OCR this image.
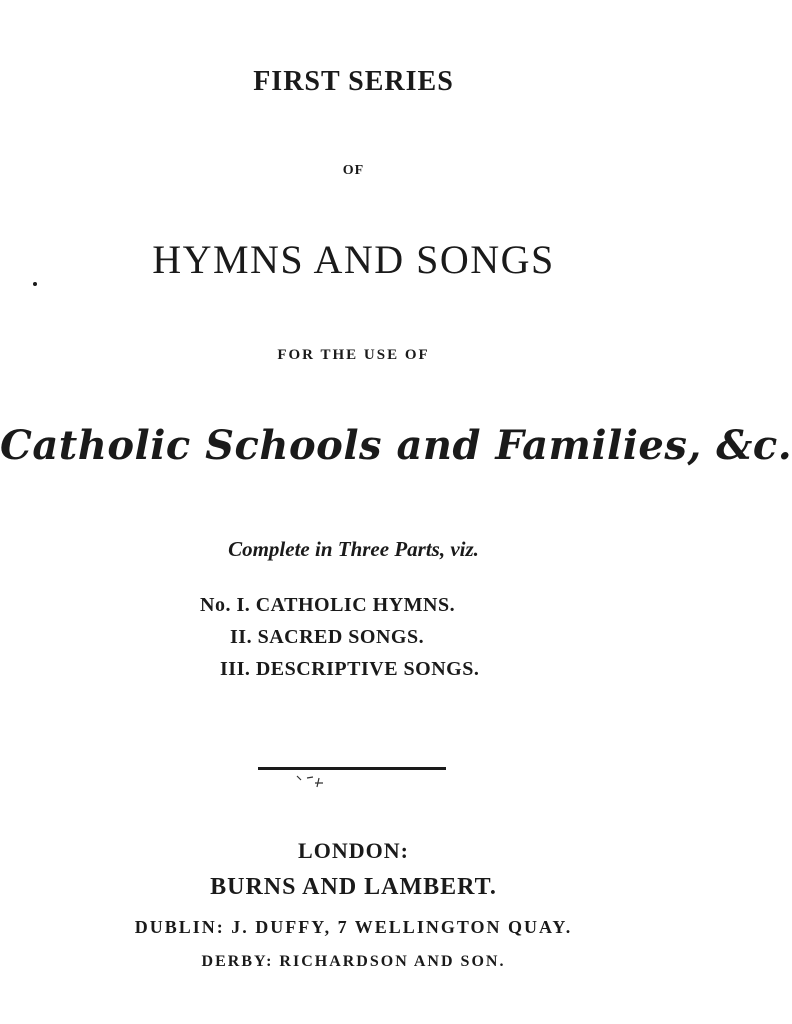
FIRST SERIES

OF

HYMNS AND SONGS

FOR THE USE OF

Catholic Schools and Families, &c.

Complete in Three Parts, viz.

No. I. CATHOLIC HYMNS.
II. SACRED SONGS.
III. DESCRIPTIVE SONGS.

LONDON:

BURNS AND LAMBERT.

DUBLIN: J. DUFFY, 7 WELLINGTON QUAY.

DERBY: RICHARDSON AND SON.
